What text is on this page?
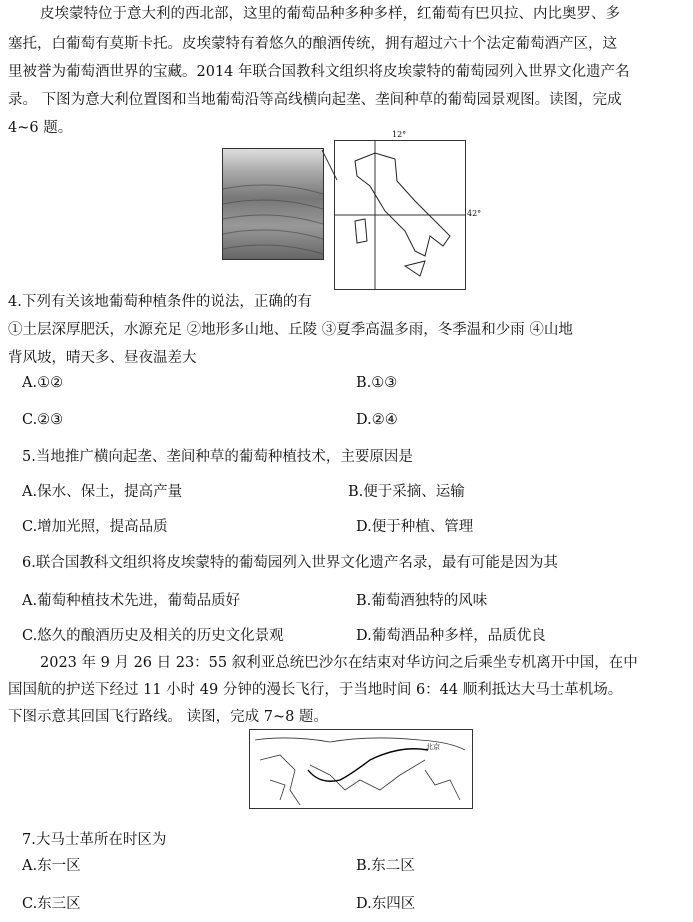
皮埃蒙特位于意大利的西北部，这里的葡萄品种多种多样，红葡萄有巴贝拉、内比奥罗、多
塞托，白葡萄有莫斯卡托。皮埃蒙特有着悠久的酿酒传统，拥有超过六十个法定葡萄酒产区，这
里被誉为葡萄酒世界的宝藏。2014 年联合国教科文组织将皮埃蒙特的葡萄园列入世界文化遗产名
录。 下图为意大利位置图和当地葡萄沿等高线横向起垄、垄间种草的葡萄园景观图。读图，完成
4~6 题。	12°
42°
4.下列有关该地葡萄种植条件的说法，正确的有
①土层深厚肥沃，水源充足 ②地形多山地、丘陵 ③夏季高温多雨，冬季温和少雨 ④山地
背风坡，晴天多、昼夜温差大
A.①②	B.①③
C.②③	D.②④
5.当地推广横向起垄、垄间种草的葡萄种植技术，主要原因是
A.保水、保土，提高产量	B.便于采摘、运输
C.增加光照，提高品质	D.便于种植、管理
6.联合国教科文组织将皮埃蒙特的葡萄园列入世界文化遗产名录，最有可能是因为其
A.葡萄种植技术先进，葡萄品质好	B.葡萄酒独特的风味
C.悠久的酿酒历史及相关的历史文化景观	D.葡萄酒品种多样，品质优良
2023 年 9 月 26 日 23：55 叙利亚总统巴沙尔在结束对华访问之后乘坐专机离开中国，在中
国国航的护送下经过 11 小时 49 分钟的漫长飞行，于当地时间 6：44 顺利抵达大马士革机场。
下图示意其回国飞行路线。 读图，完成 7~8 题。
北京
7.大马士革所在时区为
A.东一区	B.东二区
C.东三区	D.东四区
